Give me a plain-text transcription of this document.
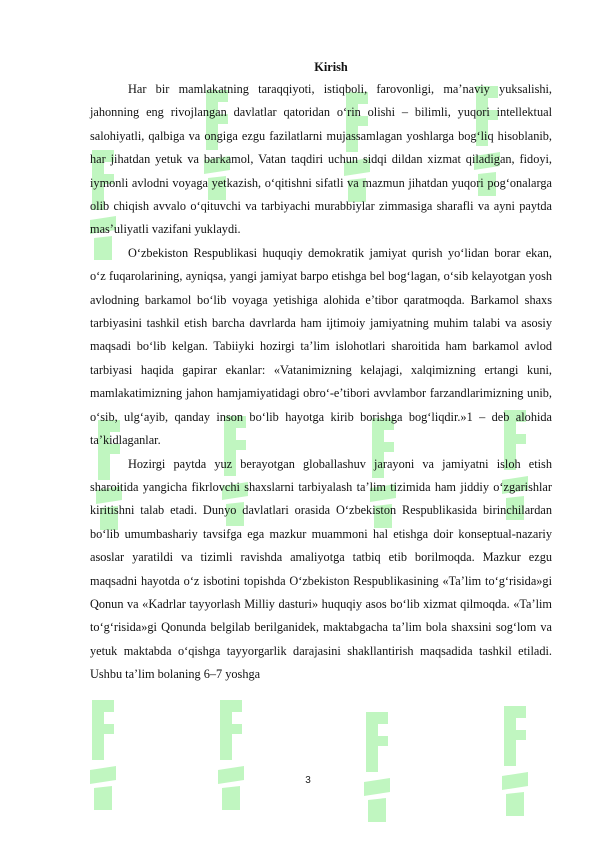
Kirish

Har bir mamlakatning taraqqiyoti, istiqboli, farovonligi, ma’naviy yuksalishi, jahonning eng rivojlangan davlatlar qatoridan o‘rin olishi – bilimli, yuqori intellektual salohiyatli, qalbiga va ongiga ezgu fazilatlarni mujassamlagan yoshlarga bog‘liq hisoblanib, har jihatdan yetuk va barkamol, Vatan taqdiri uchun sidqi dildan xizmat qiladigan, fidoyi, iymonli avlodni voyaga yetkazish, o‘qitishni sifatli va mazmun jihatdan yuqori pog‘onalarga olib chiqish avvalo o‘qituvchi va tarbiyachi murabbiylar zimmasiga sharafli va ayni paytda mas’uliyatli vazifani yuklaydi.

O‘zbekiston Respublikasi huquqiy demokratik jamiyat qurish yo‘lidan borar ekan, o‘z fuqarolarining, ayniqsa, yangi jamiyat barpo etishga bel bog‘lagan, o‘sib kelayotgan yosh avlodning barkamol bo‘lib voyaga yetishiga alohida e’tibor qaratmoqda. Barkamol shaxs tarbiyasini tashkil etish barcha davrlarda ham ijtimoiy jamiyatning muhim talabi va asosiy maqsadi bo‘lib kelgan. Tabiiyki hozirgi ta’lim islohotlari sharoitida ham barkamol avlod tarbiyasi haqida gapirar ekanlar: «Vatanimizning kelajagi, xalqimizning ertangi kuni, mamlakatimizning jahon hamjamiyatidagi obro‘-e’tibori avvlambor farzandlarimizning unib, o‘sib, ulg‘ayib, qanday inson bo‘lib hayotga kirib borishga bog‘liqdir.»1 – deb alohida ta’kidlaganlar.

Hozirgi paytda yuz berayotgan globallashuv jarayoni va jamiyatni isloh etish sharoitida yangicha fikrlovchi shaxslarni tarbiyalash ta’lim tizimida ham jiddiy o‘zgarishlar kiritishni talab etadi. Dunyo davlatlari orasida O‘zbekiston Respublikasida birinchilardan bo‘lib umumbashariy tavsifga ega mazkur muammoni hal etishga doir konseptual-nazariy asoslar yaratildi va tizimli ravishda amaliyotga tatbiq etib borilmoqda. Mazkur ezgu maqsadni hayotda o‘z isbotini topishda O‘zbekiston Respublikasining «Ta’lim to‘g‘risida»gi Qonun va «Kadrlar tayyorlash Milliy dasturi» huquqiy asos bo‘lib xizmat qilmoqda. «Ta’lim to‘g‘risida»gi Qonunda belgilab berilganidek, maktabgacha ta’lim bola shaxsini sog‘lom va yetuk maktabda o‘qishga tayyorgarlik darajasini shakllantirish maqsadida tashkil etiladi. Ushbu ta’lim bolaning 6–7 yoshga

3
